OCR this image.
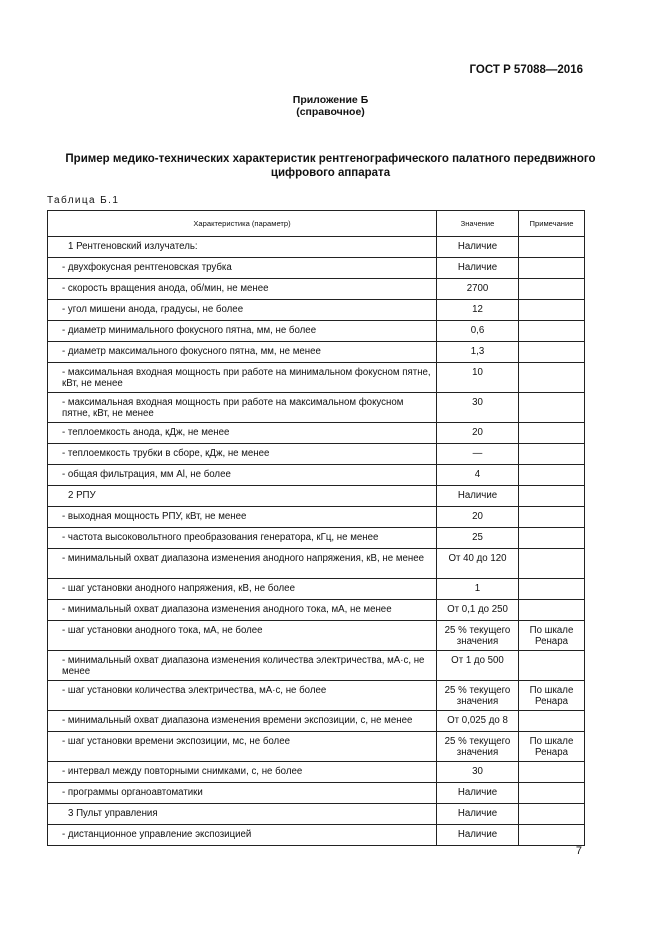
ГОСТ Р 57088—2016
Приложение Б
(справочное)
Пример медико-технических характеристик рентгенографического палатного передвижного цифрового аппарата
Таблица Б.1
Характеристика (параметр)	Значение	Примечание
1 Рентгеновский излучатель:	Наличие	
- двухфокусная рентгеновская трубка	Наличие	
- скорость вращения анода, об/мин, не менее	2700	
- угол мишени анода, градусы, не более	12	
- диаметр минимального фокусного пятна, мм, не более	0,6	
- диаметр максимального фокусного пятна, мм, не менее	1,3	
- максимальная входная мощность при работе на минимальном фокусном пятне, кВт, не менее	10	
- максимальная входная мощность при работе на максимальном фокусном пятне, кВт, не менее	30	
- теплоемкость анода, кДж, не менее	20	
- теплоемкость трубки в сборе, кДж, не менее	—	
- общая фильтрация, мм Al, не более	4	
2 РПУ	Наличие	
- выходная мощность РПУ, кВт, не менее	20	
- частота высоковольтного преобразования генератора, кГц, не менее	25	
- минимальный охват диапазона изменения анодного напряжения, кВ, не менее	От 40 до 120	
- шаг установки анодного напряжения, кВ, не более	1	
- минимальный охват диапазона изменения анодного тока, мА, не менее	От 0,1 до 250	
- шаг установки анодного тока, мА, не более	25 % текущего значения	По шкале Ренара
- минимальный охват диапазона изменения количества электричества, мА·с, не менее	От 1 до 500	
- шаг установки количества электричества, мА·с, не более	25 % текущего значения	По шкале Ренара
- минимальный охват диапазона изменения времени экспозиции, с, не менее	От 0,025 до 8	
- шаг установки времени экспозиции, мс, не более	25 % текущего значения	По шкале Ренара
- интервал между повторными снимками, с, не более	30	
- программы органоавтоматики	Наличие	
3 Пульт управления	Наличие	
- дистанционное управление экспозицией	Наличие	
7
